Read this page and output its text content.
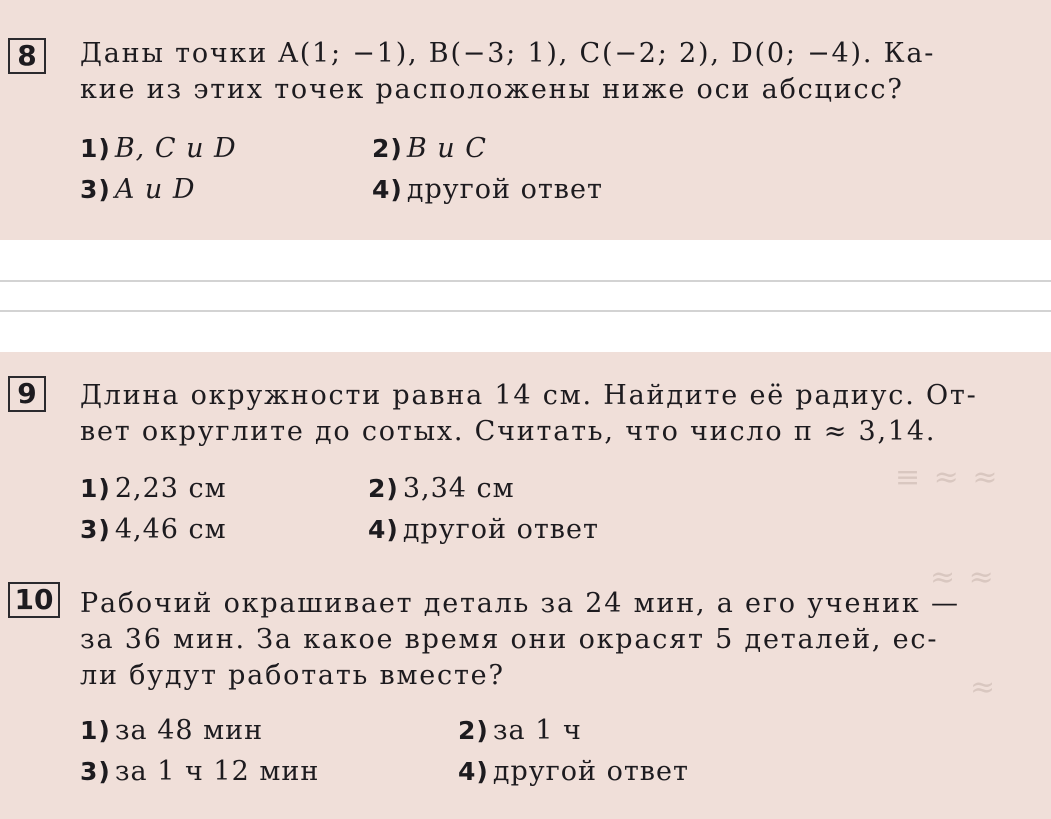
8	Даны точки A(1; −1), B(−3; 1), C(−2; 2), D(0; −4). Ка-
кие из этих точек расположены ниже оси абсцисс?
1) B, C и D	2) B и C
3) A и D	4) другой ответ
≡ ≈ ≈
≈ ≈
≈
9	Длина окружности равна 14 см. Найдите её радиус. От-
вет округлите до сотых. Считать, что число π ≈ 3,14.
1) 2,23 см	2) 3,34 см
3) 4,46 см	4) другой ответ
10 Рабочий окрашивает деталь за 24 мин, а его ученик —
за 36 мин. За какое время они окрасят 5 деталей, ес-
ли будут работать вместе?
1) за 48 мин	2) за 1 ч
3) за 1 ч 12 мин	4) другой ответ
